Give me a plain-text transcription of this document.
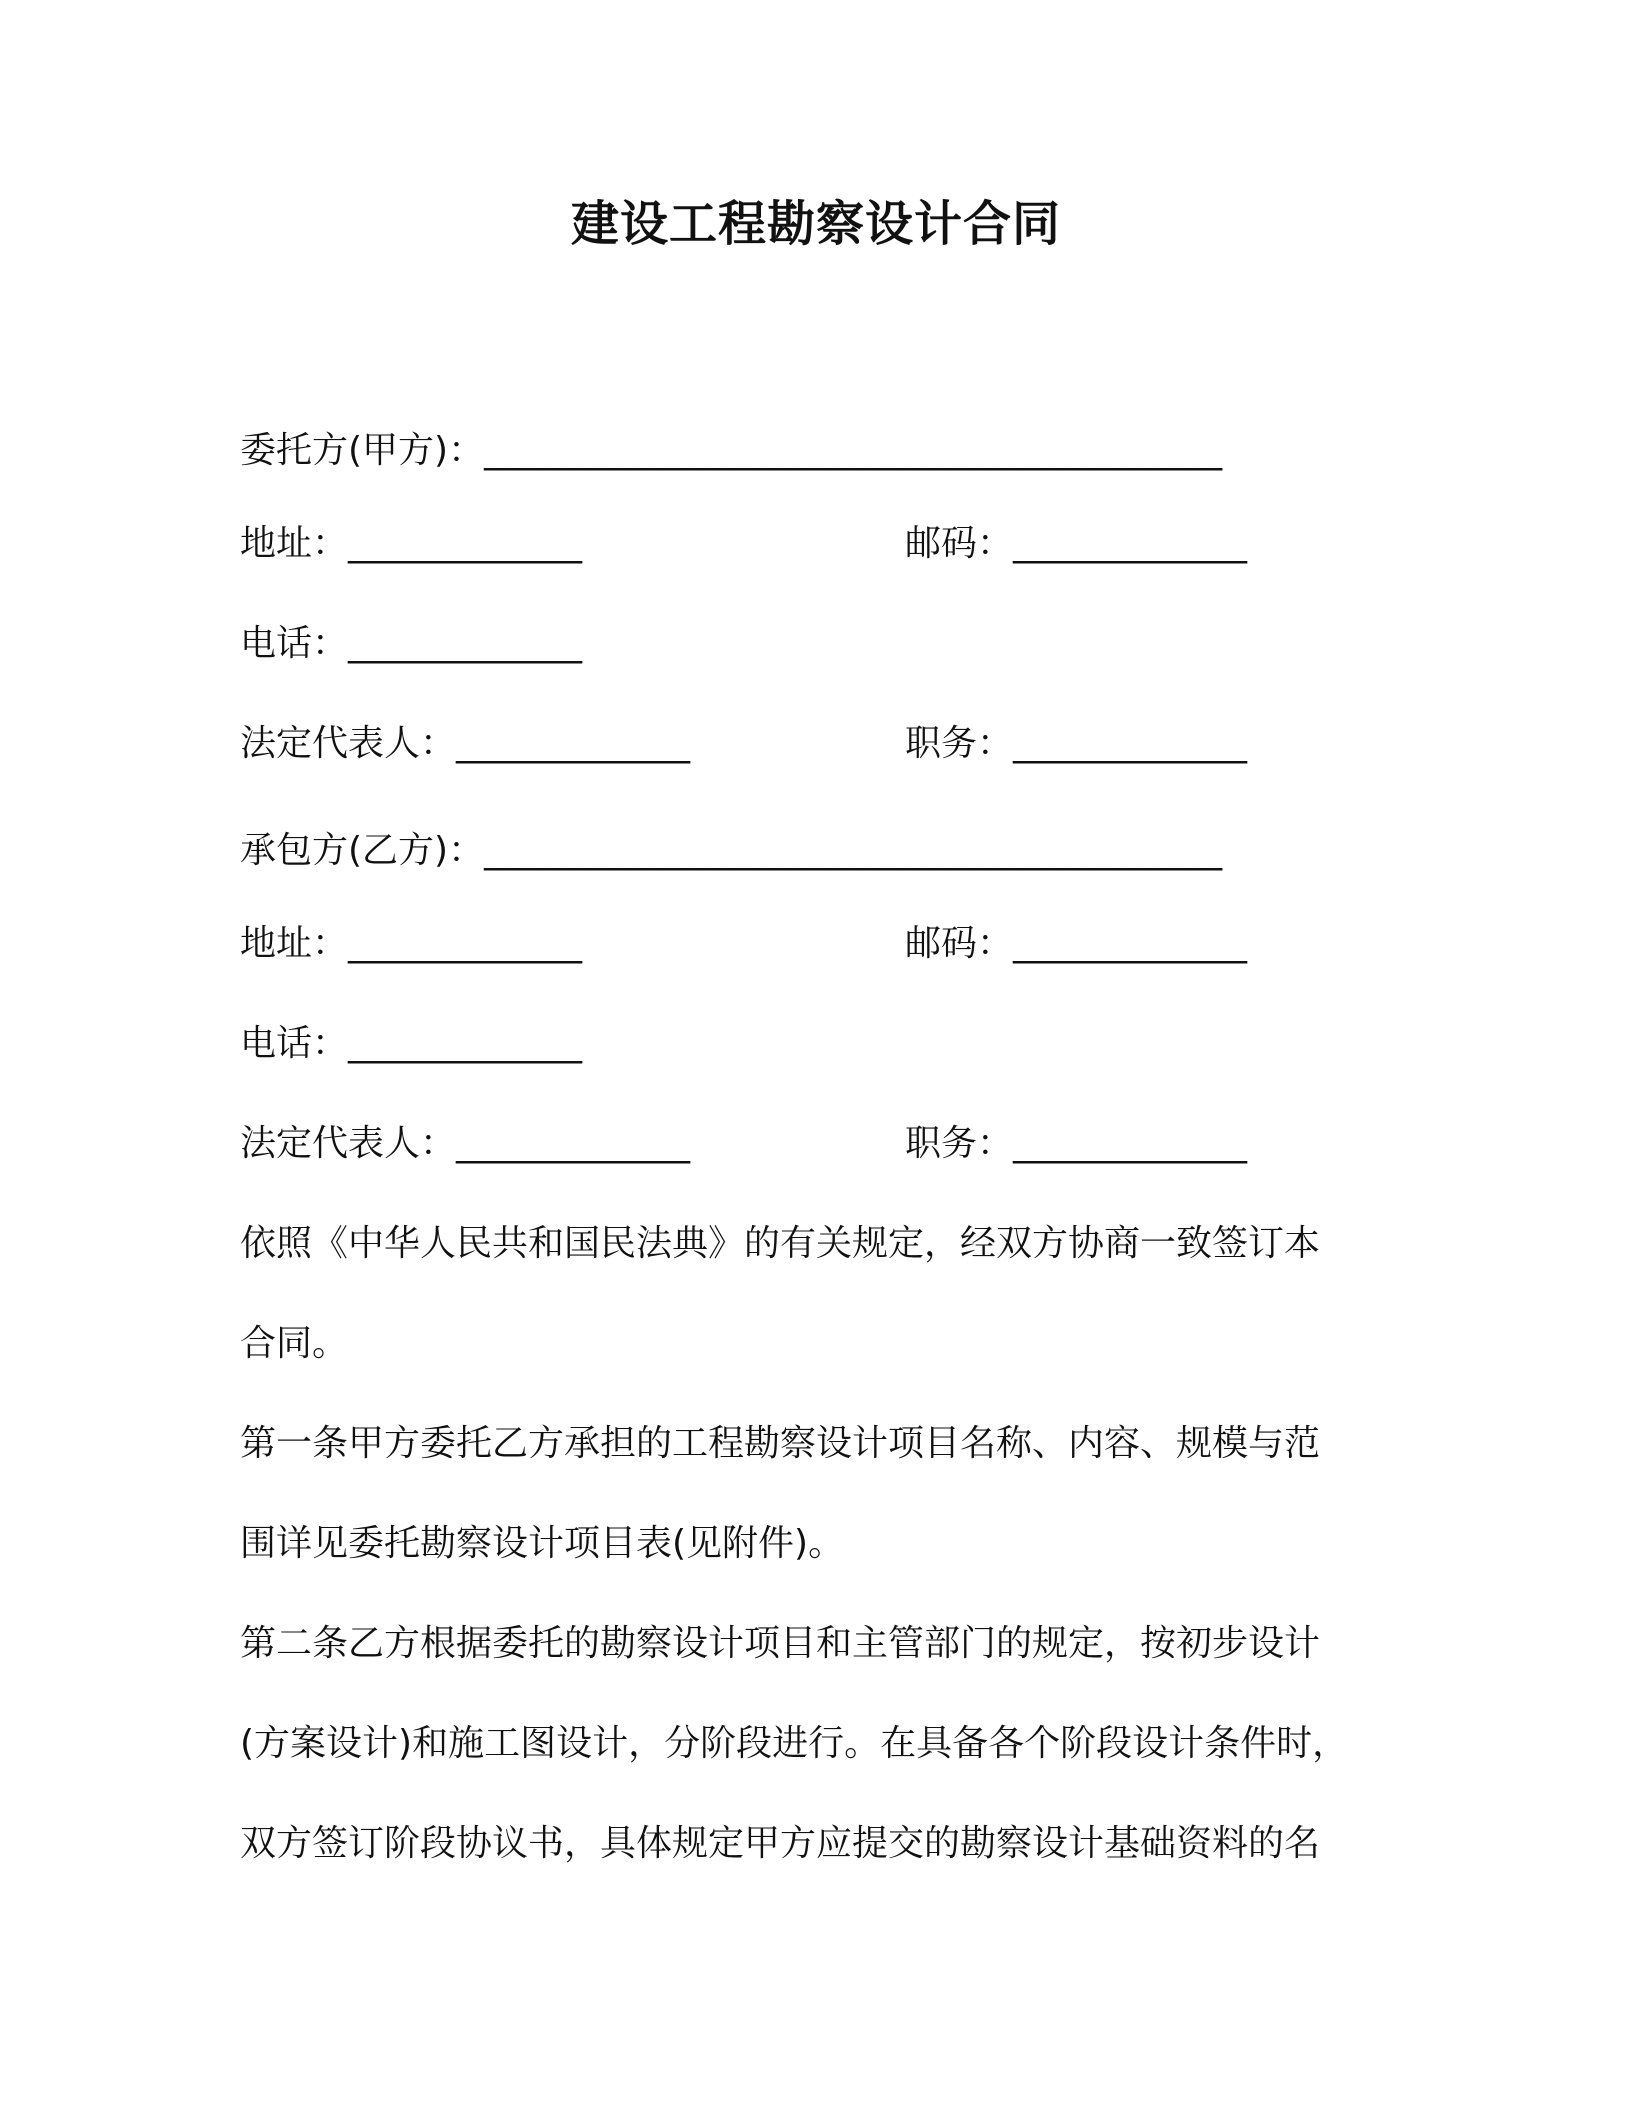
建设工程勘察设计合同
委托方(甲方)：_________________________________________
地址：_____________	邮码：_____________
电话：_____________
法定代表人：_____________	职务：_____________
承包方(乙方)：_________________________________________
地址：_____________	邮码：_____________
电话：_____________
法定代表人：_____________	职务：_____________
依照《中华人民共和国民法典》的有关规定，经双方协商一致签订本
合同。
第一条甲方委托乙方承担的工程勘察设计项目名称、内容、规模与范
围详见委托勘察设计项目表(见附件)。
第二条乙方根据委托的勘察设计项目和主管部门的规定，按初步设计
(方案设计)和施工图设计，分阶段进行。在具备各个阶段设计条件时，
双方签订阶段协议书，具体规定甲方应提交的勘察设计基础资料的名
